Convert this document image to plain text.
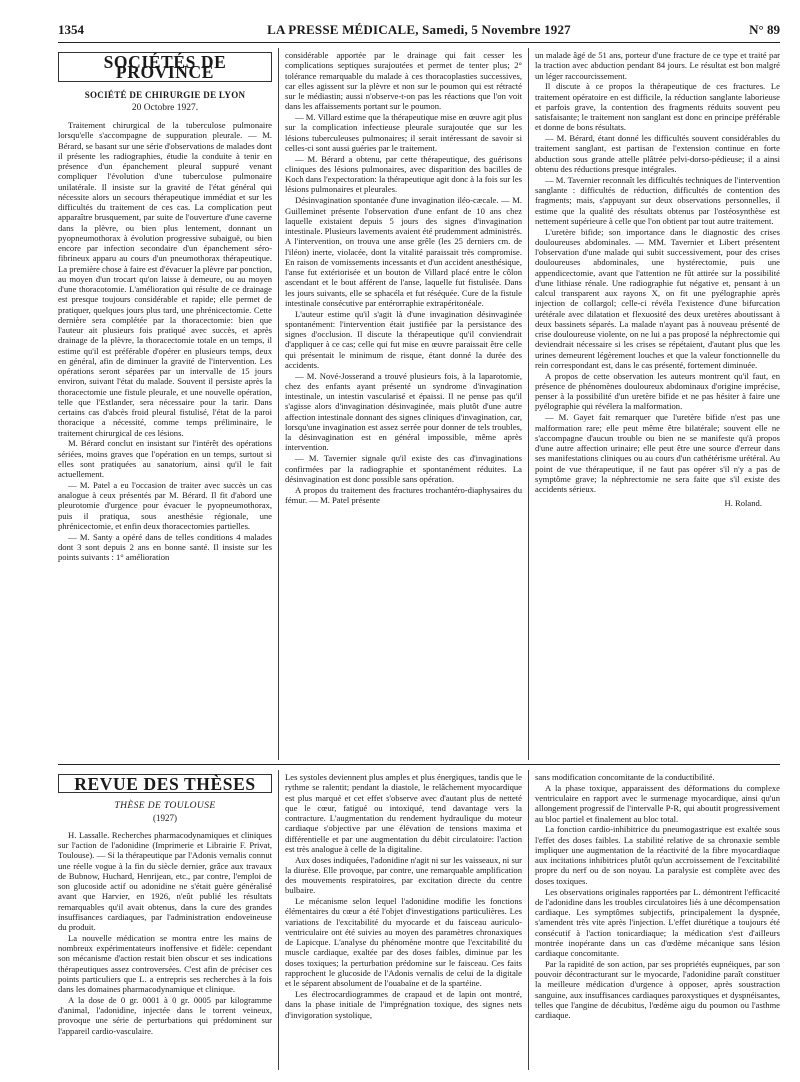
1354	LA PRESSE MÉDICALE, Samedi, 5 Novembre 1927	N° 89
SOCIÉTÉS DE PROVINCE
SOCIÉTÉ DE CHIRURGIE DE LYON
20 Octobre 1927.

Traitement chirurgical de la tuberculose pulmonaire lorsqu'elle s'accompagne de suppuration pleurale. — M. Bérard, se basant sur une série d'observations de malades dont il présente les radiographies, étudie la conduite à tenir en présence d'un épanchement pleural suppuré venant compliquer l'évolution d'une tuberculose pulmonaire unilatérale. Il insiste sur la gravité de l'état général qui nécessite alors un secours thérapeutique immédiat et sur les difficultés du traitement de ces cas. La complication peut apparaître brusquement, par suite de l'ouverture d'une caverne dans la plèvre, ou bien plus lentement, donnant un pyopneumothorax à évolution progressive subaiguë, ou bien encore par infection secondaire d'un épanchement séro-fibrineux apparu au cours d'un pneumothorax thérapeutique. La première chose à faire est d'évacuer la plèvre par ponction, au moyen d'un trocart qu'on laisse à demeure, ou au moyen d'une thoracotomie. L'amélioration qui résulte de ce drainage est presque toujours considérable et rapide; elle permet de pratiquer, quelques jours plus tard, une phrénicectomie. Cette dernière sera complétée par la thoracectomie: bien que l'auteur ait plusieurs fois pratiqué avec succès, et après drainage de la plèvre, la thoracectomie totale en un temps, il estime qu'il est préférable d'opérer en plusieurs temps, deux en général, afin de diminuer la gravité de l'intervention. Les opérations seront séparées par un intervalle de 15 jours environ, suivant l'état du malade. Souvent il persiste après la thoracectomie une fistule pleurale, et une nouvelle opération, telle que l'Estlander, sera nécessaire pour la tarir. Dans certains cas d'abcès froid pleural fistulisé, l'état de la paroi thoracique a nécessité, comme temps préliminaire, le traitement chirurgical de ces lésions.

M. Bérard conclut en insistant sur l'intérêt des opérations sériées, moins graves que l'opération en un temps, surtout si elles sont pratiquées au sanatorium, ainsi qu'il le fait actuellement.

— M. Patel a eu l'occasion de traiter avec succès un cas analogue à ceux présentés par M. Bérard. Il fit d'abord une pleurotomie d'urgence pour évacuer le pyopneumothorax, puis il pratiqua, sous anesthésie régionale, une phrénicectomie, et enfin deux thoracectomies partielles.

— M. Santy a opéré dans de telles conditions 4 malades dont 3 sont depuis 2 ans en bonne santé. Il insiste sur les points suivants : 1° amélioration

considérable apportée par le drainage qui fait cesser les complications septiques surajoutées et permet de tenter plus; 2° tolérance remarquable du malade à ces thoracoplasties successives, car elles agissent sur la plèvre et non sur le poumon qui est rétracté sur le médiastin; aussi n'observe-t-on pas les réactions que l'on voit dans les affaissements portant sur le poumon.

— M. Villard estime que la thérapeutique mise en œuvre agit plus sur la complication infectieuse pleurale surajoutée que sur les lésions tuberculeuses pulmonaires; il serait intéressant de savoir si celles-ci sont aussi guéries par le traitement.

— M. Bérard a obtenu, par cette thérapeutique, des guérisons cliniques des lésions pulmonaires, avec disparition des bacilles de Koch dans l'expectoration: la thérapeutique agit donc à la fois sur les lésions pulmonaires et pleurales.

Désinvagination spontanée d'une invagination iléo-cæcale. — M. Guilleminet présente l'observation d'une enfant de 10 ans chez laquelle existaient depuis 5 jours des signes d'invagination intestinale. Plusieurs lavements avaient été prudemment administrés. A l'intervention, on trouva une anse grêle (les 25 derniers cm. de l'iléon) inerte, violacée, dont la vitalité paraissait très compromise. En raison de vomissements incessants et d'un accident anesthésique, l'anse fut extériorisée et un bouton de Villard placé entre le côlon ascendant et le bout afférent de l'anse, laquelle fut fistulisée. Dans les jours suivants, elle se sphacéla et fut réséquée. Cure de la fistule intestinale consécutive par entérorraphie extrapéritonéale.

L'auteur estime qu'il s'agit là d'une invagination désinvaginée spontanément: l'intervention était justifiée par la persistance des signes d'occlusion. Il discute la thérapeutique qu'il conviendrait d'appliquer à ce cas; celle qui fut mise en œuvre paraissait être celle qui présentait le minimum de risque, étant donné la durée des accidents.

— M. Nové-Josserand a trouvé plusieurs fois, à la laparotomie, chez des enfants ayant présenté un syndrome d'invagination intestinale, un intestin vascularisé et épaissi. Il ne pense pas qu'il s'agisse alors d'invagination désinvaginée, mais plutôt d'une autre affection intestinale donnant des signes cliniques d'invagination, car, lorsqu'une invagination est assez serrée pour donner de tels troubles, la désinvagination est en général impossible, même après intervention.

— M. Tavernier signale qu'il existe des cas d'invaginations confirmées par la radiographie et spontanément réduites. La désinvagination est donc possible sans opération.

A propos du traitement des fractures trochantéro-diaphysaires du fémur. — M. Patel présente

un malade âgé de 51 ans, porteur d'une fracture de ce type et traité par la traction avec abduction pendant 84 jours. Le résultat est bon malgré un léger raccourcissement.

Il discute à ce propos la thérapeutique de ces fractures. Le traitement opératoire en est difficile, la réduction sanglante laborieuse et parfois grave, la contention des fragments réduits souvent peu satisfaisante; le traitement non sanglant est donc en principe préférable et donne de bons résultats.

— M. Bérard, étant donné les difficultés souvent considérables du traitement sanglant, est partisan de l'extension continue en forte abduction sous grande attelle plâtrée pelvi-dorso-pédieuse; il a ainsi obtenu des réductions presque intégrales.

— M. Tavernier reconnaît les difficultés techniques de l'intervention sanglante : difficultés de réduction, difficultés de contention des fragments; mais, s'appuyant sur deux observations personnelles, il estime que la qualité des résultats obtenus par l'ostéosynthèse est nettement supérieure à celle que l'on obtient par tout autre traitement.

L'uretère bifide; son importance dans le diagnostic des crises douloureuses abdominales. — MM. Tavernier et Libert présentent l'observation d'une malade qui subit successivement, pour des crises douloureuses abdominales, une hystérectomie, puis une appendicectomie, avant que l'attention ne fût attirée sur la possibilité d'une lithiase rénale. Une radiographie fut négative et, pensant à un calcul transparent aux rayons X, on fit une pyélographie après injection de collargol; celle-ci révéla l'existence d'une bifurcation urétérale avec dilatation et flexuosité des deux uretères aboutissant à deux bassinets séparés. La malade n'ayant pas à nouveau présenté de crise douloureuse violente, on ne lui a pas proposé la néphrectomie qui deviendrait nécessaire si les crises se répétaient, d'autant plus que les urines demeurent légèrement louches et que la valeur fonctionnelle du rein correspondant est, dans le cas présenté, fortement diminuée.

A propos de cette observation les auteurs montrent qu'il faut, en présence de phénomènes douloureux abdominaux d'origine imprécise, penser à la possibilité d'un uretère bifide et ne pas hésiter à faire une pyélographie qui révélera la malformation.

— M. Gayet fait remarquer que l'uretère bifide n'est pas une malformation rare; elle peut même être bilatérale; souvent elle ne s'accompagne d'aucun trouble ou bien ne se manifeste qu'à propos d'une autre affection urinaire; elle peut être une source d'erreur dans ses manifestations cliniques ou au cours d'un cathétérisme urétéral. Au point de vue thérapeutique, il ne faut pas opérer s'il n'y a pas de symptôme grave; la néphrectomie ne sera faite que s'il existe des accidents sérieux.

H. Roland.
REVUE DES THÈSES
THÈSE DE TOULOUSE
(1927)

H. Lassalle. Recherches pharmacodynamiques et cliniques sur l'action de l'adonidine (Imprimerie et Librairie F. Privat, Toulouse). — Si la thérapeutique par l'Adonis vernalis connut une réelle vogue à la fin du siècle dernier, grâce aux travaux de Bubnow, Huchard, Henrijean, etc., par contre, l'emploi de son glucoside actif ou adonidine ne s'était guère généralisé avant que Harvier, en 1926, n'eût publié les résultats remarquables qu'il avait obtenus, dans la cure des grandes insuffisances cardiaques, par l'administration endoveineuse du produit.

La nouvelle médication se montra entre les mains de nombreux expérimentateurs inoffensive et fidèle: cependant son mécanisme d'action restait bien obscur et ses indications thérapeutiques assez controversées. C'est afin de préciser ces points particuliers que L. a entrepris ses recherches à la fois dans les domaines pharmacodynamique et clinique.

A la dose de 0 gr. 0001 à 0 gr. 0005 par kilogramme d'animal, l'adonidine, injectée dans le torrent veineux, provoque une série de perturbations qui prédominent sur l'appareil cardio-vasculaire.

Les systoles deviennent plus amples et plus énergiques, tandis que le rythme se ralentit; pendant la diastole, le relâchement myocardique est plus marqué et cet effet s'observe avec d'autant plus de netteté que le cœur, fatigué ou intoxiqué, tend davantage vers la contracture. L'augmentation du rendement hydraulique du moteur cardiaque s'objective par une élévation de tensions maxima et différentielle et par une augmentation du débit circulatoire: l'action est très analogue à celle de la digitaline.

Aux doses indiquées, l'adonidine n'agit ni sur les vaisseaux, ni sur la diurèse. Elle provoque, par contre, une remarquable amplification des mouvements respiratoires, par excitation directe du centre bulbaire.

Le mécanisme selon lequel l'adonidine modifie les fonctions élémentaires du cœur a été l'objet d'investigations particulières. Les variations de l'excitabilité du myocarde et du faisceau auriculo-ventriculaire ont été suivies au moyen des paramètres chronaxiques de Lapicque. L'analyse du phénomène montre que l'excitabilité du muscle cardiaque, exaltée par des doses faibles, diminue par les doses toxiques; la perturbation prédomine sur le faisceau. Ces faits rapprochent le glucoside de l'Adonis vernalis de celui de la digitale et le séparent absolument de l'ouabaïne et de la spartéine.

Les électrocardiogrammes de crapaud et de lapin ont montré, dans la phase initiale de l'imprégnation toxique, des signes nets d'invigoration systolique,

sans modification concomitante de la conductibilité.

A la phase toxique, apparaissent des déformations du complexe ventriculaire en rapport avec le surmenage myocardique, ainsi qu'un allongement progressif de l'intervalle P-R, qui aboutit progressivement au bloc partiel et finalement au bloc total.

La fonction cardio-inhibitrice du pneumogastrique est exaltée sous l'effet des doses faibles. La stabilité relative de sa chronaxie semble impliquer une augmentation de la réactivité de la fibre myocardiaque aux incitations inhibitrices plutôt qu'un accroissement de l'excitabilité propre du nerf ou de son noyau. La paralysie est complète avec des doses toxiques.

Les observations originales rapportées par L. démontrent l'efficacité de l'adonidine dans les troubles circulatoires liés à une décompensation cardiaque. Les symptômes subjectifs, principalement la dyspnée, s'amendent très vite après l'injection. L'effet diurétique a toujours été consécutif à l'action tonicardiaque; la médication s'est d'ailleurs montrée inopérante dans un cas d'œdème mécanique sans lésion cardiaque concomitante.

Par la rapidité de son action, par ses propriétés eupnéiques, par son pouvoir décontracturant sur le myocarde, l'adonidine paraît constituer la meilleure médication d'urgence à opposer, après soustraction sanguine, aux insuffisances cardiaques paroxystiques et dyspnéisantes, telles que l'angine de décubitus, l'œdème aigu du poumon ou l'asthme cardiaque.
